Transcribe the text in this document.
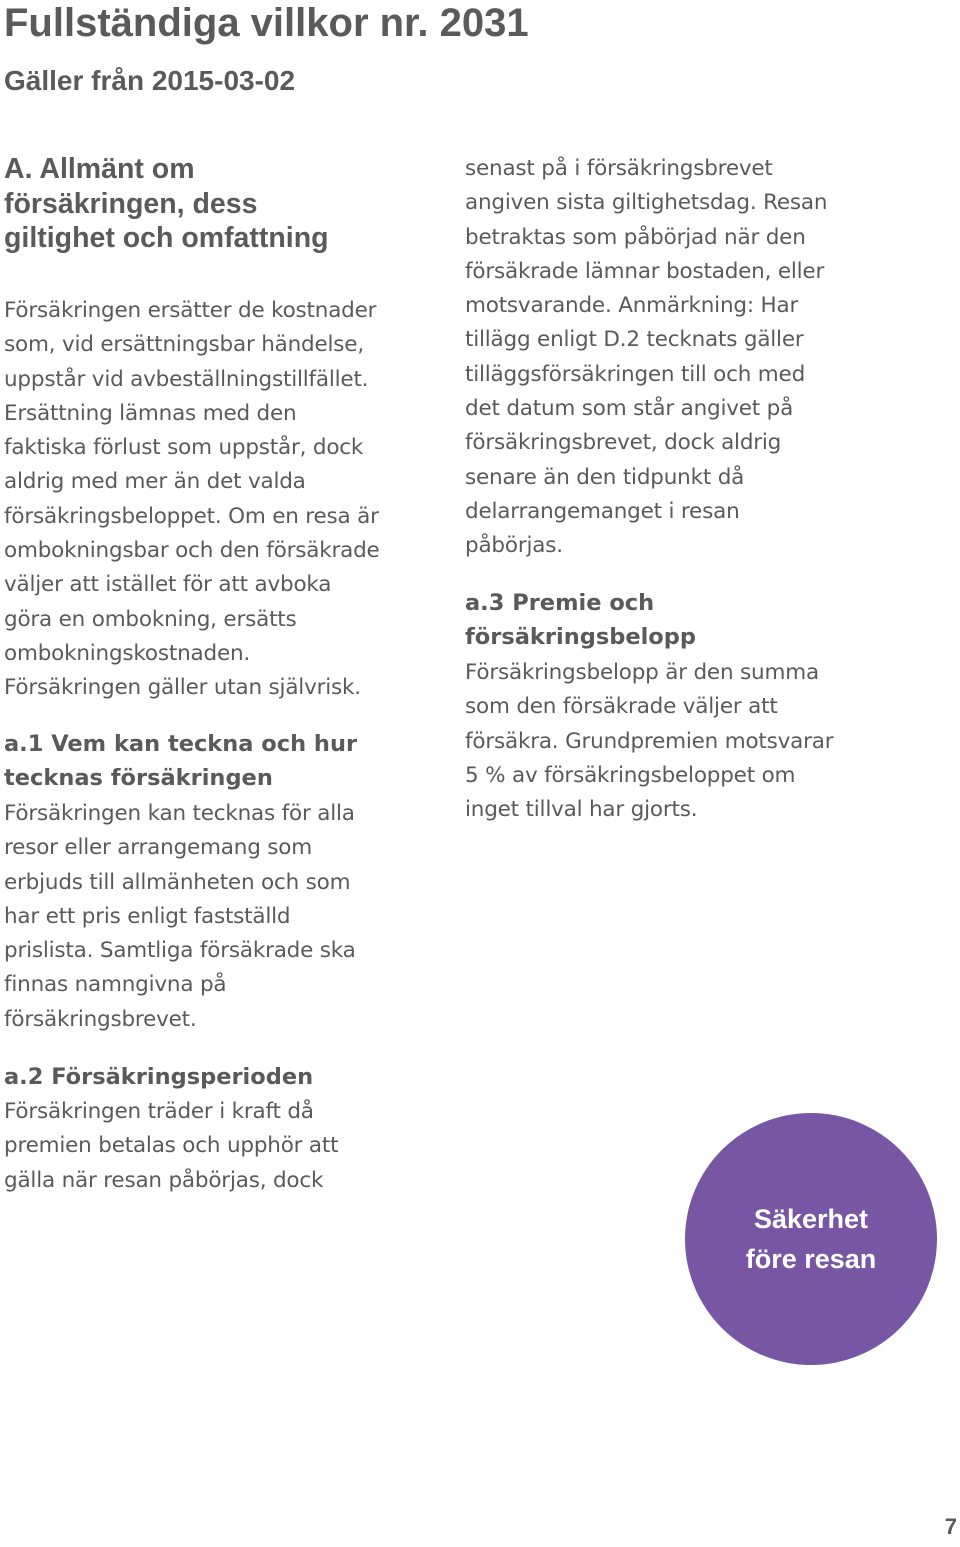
Fullständiga villkor nr. 2031
Gäller från 2015-03-02
A. Allmänt om
försäkringen, dess
giltighet och omfattning

Försäkringen ersätter de kostnader
som, vid ersättningsbar händelse,
uppstår vid avbeställningstillfället.
Ersättning lämnas med den
faktiska förlust som uppstår, dock
aldrig med mer än det valda
försäkringsbeloppet. Om en resa är
ombokningsbar och den försäkrade
väljer att istället för att avboka
göra en ombokning, ersätts
ombokningskostnaden.
Försäkringen gäller utan självrisk.

a.1 Vem kan teckna och hur
tecknas försäkringen

Försäkringen kan tecknas för alla
resor eller arrangemang som
erbjuds till allmänheten och som
har ett pris enligt fastställd
prislista. Samtliga försäkrade ska
finnas namngivna på
försäkringsbrevet.

a.2 Försäkringsperioden

Försäkringen träder i kraft då
premien betalas och upphör att
gälla när resan påbörjas, dock

senast på i försäkringsbrevet
angiven sista giltighetsdag. Resan
betraktas som påbörjad när den
försäkrade lämnar bostaden, eller
motsvarande. Anmärkning: Har
tillägg enligt D.2 tecknats gäller
tilläggsförsäkringen till och med
det datum som står angivet på
försäkringsbrevet, dock aldrig
senare än den tidpunkt då
delarrangemanget i resan
påbörjas.

a.3 Premie och
försäkringsbelopp

Försäkringsbelopp är den summa
som den försäkrade väljer att
försäkra. Grundpremien motsvarar
5 % av försäkringsbeloppet om
inget tillval har gjorts.

Säkerhet
före resan
7
